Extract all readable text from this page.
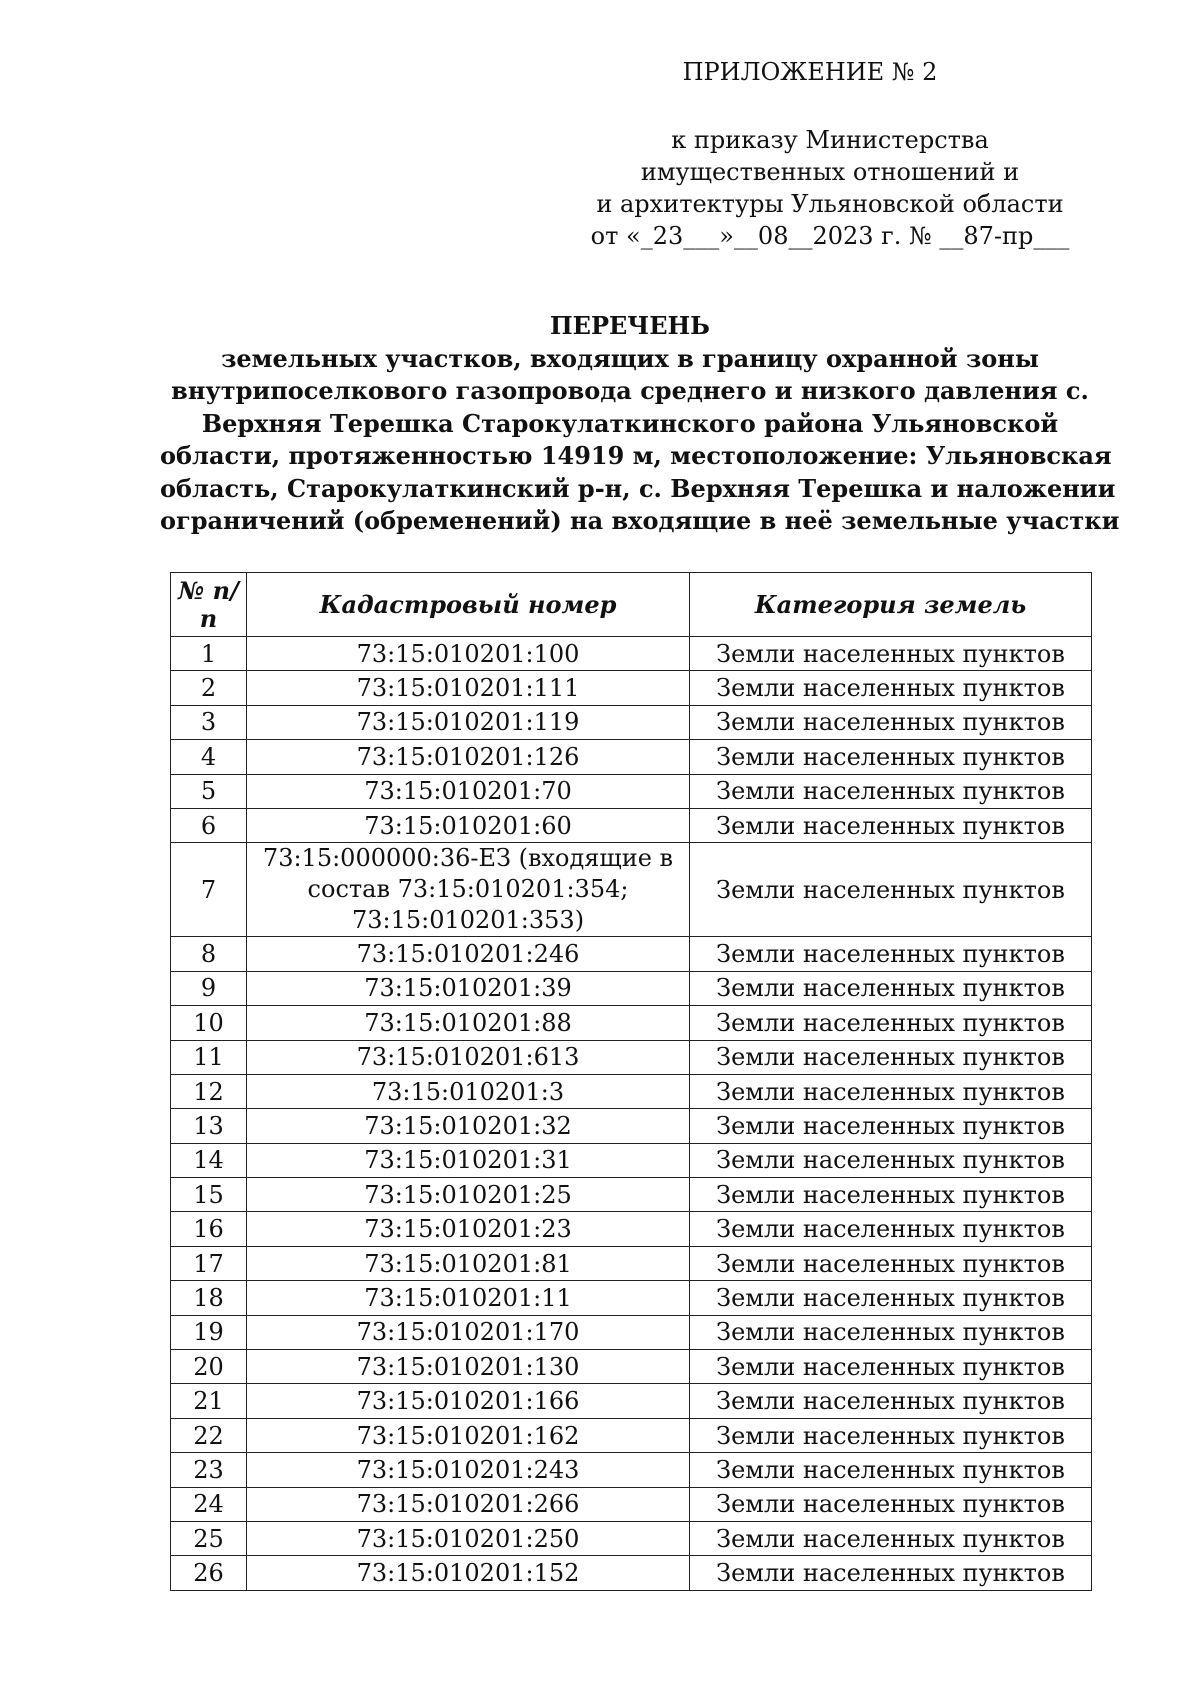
ПРИЛОЖЕНИЕ № 2
к приказу Министерства
имущественных отношений и
и архитектуры Ульяновской области
от «_23___»__08__2023 г. № __87-пр___
ПЕРЕЧЕНЬ
земельных участков, входящих в границу охранной зоны
внутрипоселкового газопровода среднего и низкого давления с.
Верхняя Терешка Старокулаткинского района Ульяновской
области, протяженностью 14919 м, местоположение: Ульяновская
область, Старокулаткинский р-н, с. Верхняя Терешка и наложении
ограничений (обременений) на входящие в неё земельные участки
№ п/п	Кадастровый номер	Категория земель
1	73:15:010201:100	Земли населенных пунктов
2	73:15:010201:111	Земли населенных пунктов
3	73:15:010201:119	Земли населенных пунктов
4	73:15:010201:126	Земли населенных пунктов
5	73:15:010201:70	Земли населенных пунктов
6	73:15:010201:60	Земли населенных пунктов
7	73:15:000000:36-ЕЗ (входящие в состав 73:15:010201:354; 73:15:010201:353)	Земли населенных пунктов
8	73:15:010201:246	Земли населенных пунктов
9	73:15:010201:39	Земли населенных пунктов
10	73:15:010201:88	Земли населенных пунктов
11	73:15:010201:613	Земли населенных пунктов
12	73:15:010201:3	Земли населенных пунктов
13	73:15:010201:32	Земли населенных пунктов
14	73:15:010201:31	Земли населенных пунктов
15	73:15:010201:25	Земли населенных пунктов
16	73:15:010201:23	Земли населенных пунктов
17	73:15:010201:81	Земли населенных пунктов
18	73:15:010201:11	Земли населенных пунктов
19	73:15:010201:170	Земли населенных пунктов
20	73:15:010201:130	Земли населенных пунктов
21	73:15:010201:166	Земли населенных пунктов
22	73:15:010201:162	Земли населенных пунктов
23	73:15:010201:243	Земли населенных пунктов
24	73:15:010201:266	Земли населенных пунктов
25	73:15:010201:250	Земли населенных пунктов
26	73:15:010201:152	Земли населенных пунктов
